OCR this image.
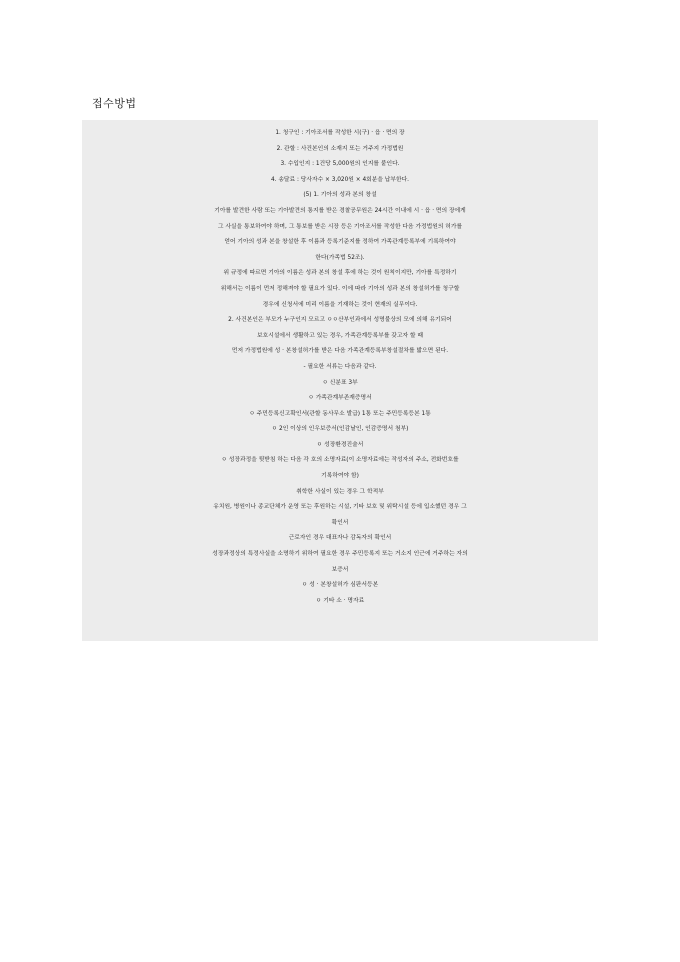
접수방법
1. 청구인 : 기아조서를 작성한 시(구) · 읍 · 면의 장
2. 관할 : 사건본인의 소재지 또는 거주지 가정법원
3. 수입인지 : 1건당 5,000원의 인지를 붙인다.
4. 송달료 : 당사자수 × 3,020원 × 4회분을 납부한다.
(5) 1. 기아의 성과 본의 창설
기아를 발견한 사람 또는 기아발견의 통지를 받은 경찰공무원은 24시간 이내에 시 · 읍 · 면의 장에게
그 사실을 통보하여야 하며, 그 통보를 받은 시장 등은 기아조서를 작성한 다음 가정법원의 허가를
얻어 기아의 성과 본을 창설한 후 이름과 등록기준지를 정하여 가족관계등록부에 기록하여야
한다(가족법 52조).
위 규정에 따르면 기아의 이름은 성과 본의 창설 후에 하는 것이 원칙이지만, 기아를 특정하기
위해서는 이름이 먼저 정해져야 할 필요가 있다. 이에 따라 기아의 성과 본의 창설허가를 청구할
경우에 신청서에 미리 이름을 기재하는 것이 현재의 실무이다.
2. 사건본인은 부모가 누구인지 모르고 ㅇㅇ산부인과에서 성명불상의 모에 의해 유기되어
보호시설에서 생활하고 있는 경우, 가족관계등록부를 갖고자 할 때
먼저 가정법원에 성 · 본창설허가를 받은 다음 가족관계등록부창설절차를 밟으면 된다.
- 필요한 서류는 다음과 같다.
ㅇ 신분표 3부
ㅇ 가족관계부존재증명서
ㅇ 주민등록신고확인서(관할 동사무소 발급) 1통 또는 주민등록등본 1통
ㅇ 2인 이상의 인우보증서(인감날인, 인감증명서 첨부)
ㅇ 성장환경진술서
ㅇ 성장과정을 뒷받침 하는 다음 각 호의 소명자료(이 소명자료에는 작성자의 주소, 전화번호를
기록하여야 함)
취학한 사실이 있는 경우 그 학적부
유치원, 병원이나 종교단체가 운영 또는 후원하는 시설, 기타 보호 및 위탁시설 등에 입소했던 경우 그
확인서
근로자인 경우 대표자나 감독자의 확인서
성장과정상의 특정사실을 소명하기 위하여 필요한 경우 주민등록지 또는 거소지 인근에 거주하는 자의
보증서
ㅇ 성 · 본창설허가 심판서등본
ㅇ 기타 소 · 명자료
